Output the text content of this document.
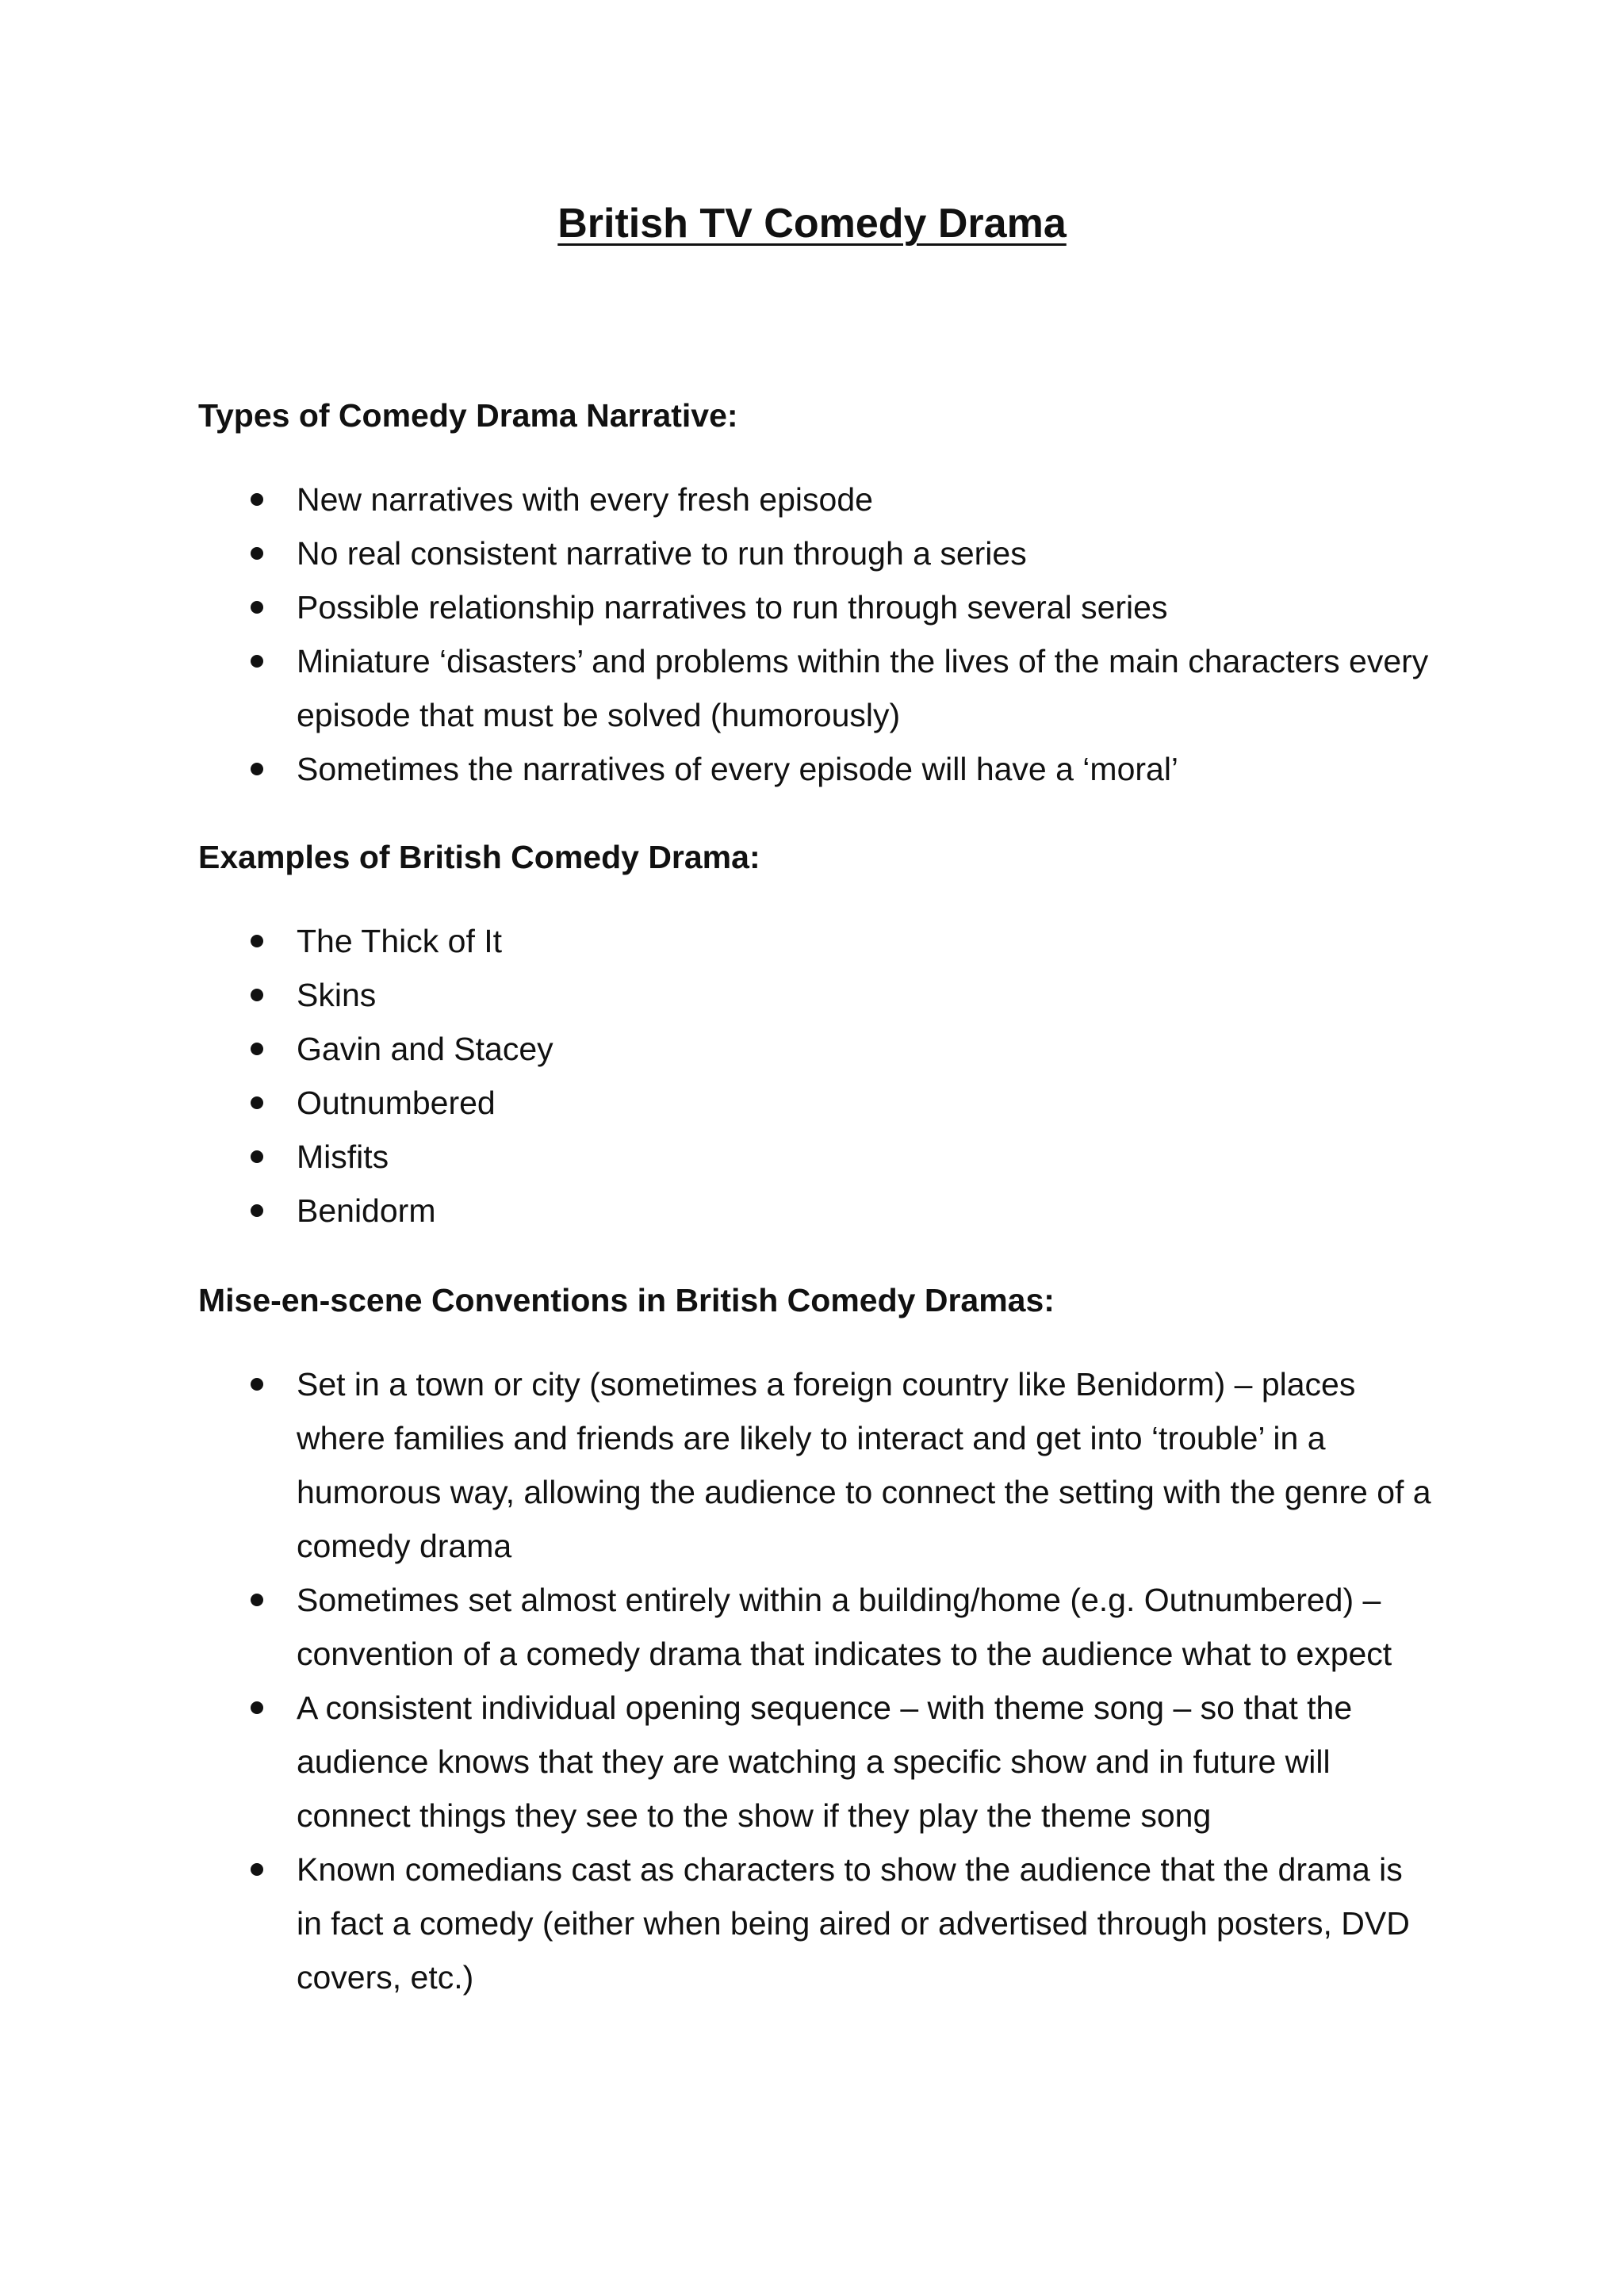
British TV Comedy Drama
Types of Comedy Drama Narrative:
New narratives with every fresh episode
No real consistent narrative to run through a series
Possible relationship narratives to run through several series
Miniature ‘disasters’ and problems within the lives of the main characters every episode that must be solved (humorously)
Sometimes the narratives of every episode will have a ‘moral’
Examples of British Comedy Drama:
The Thick of It
Skins
Gavin and Stacey
Outnumbered
Misfits
Benidorm
Mise-en-scene Conventions in British Comedy Dramas:
Set in a town or city (sometimes a foreign country like Benidorm) – places where families and friends are likely to interact and get into ‘trouble’ in a humorous way, allowing the audience to connect the setting with the genre of a comedy drama
Sometimes set almost entirely within a building/home (e.g. Outnumbered) – convention of a comedy drama that indicates to the audience what to expect
A consistent individual opening sequence – with theme song – so that the audience knows that they are watching a specific show and in future will connect things they see to the show if they play the theme song
Known comedians cast as characters to show the audience that the drama is in fact a comedy (either when being aired or advertised through posters, DVD covers, etc.)
